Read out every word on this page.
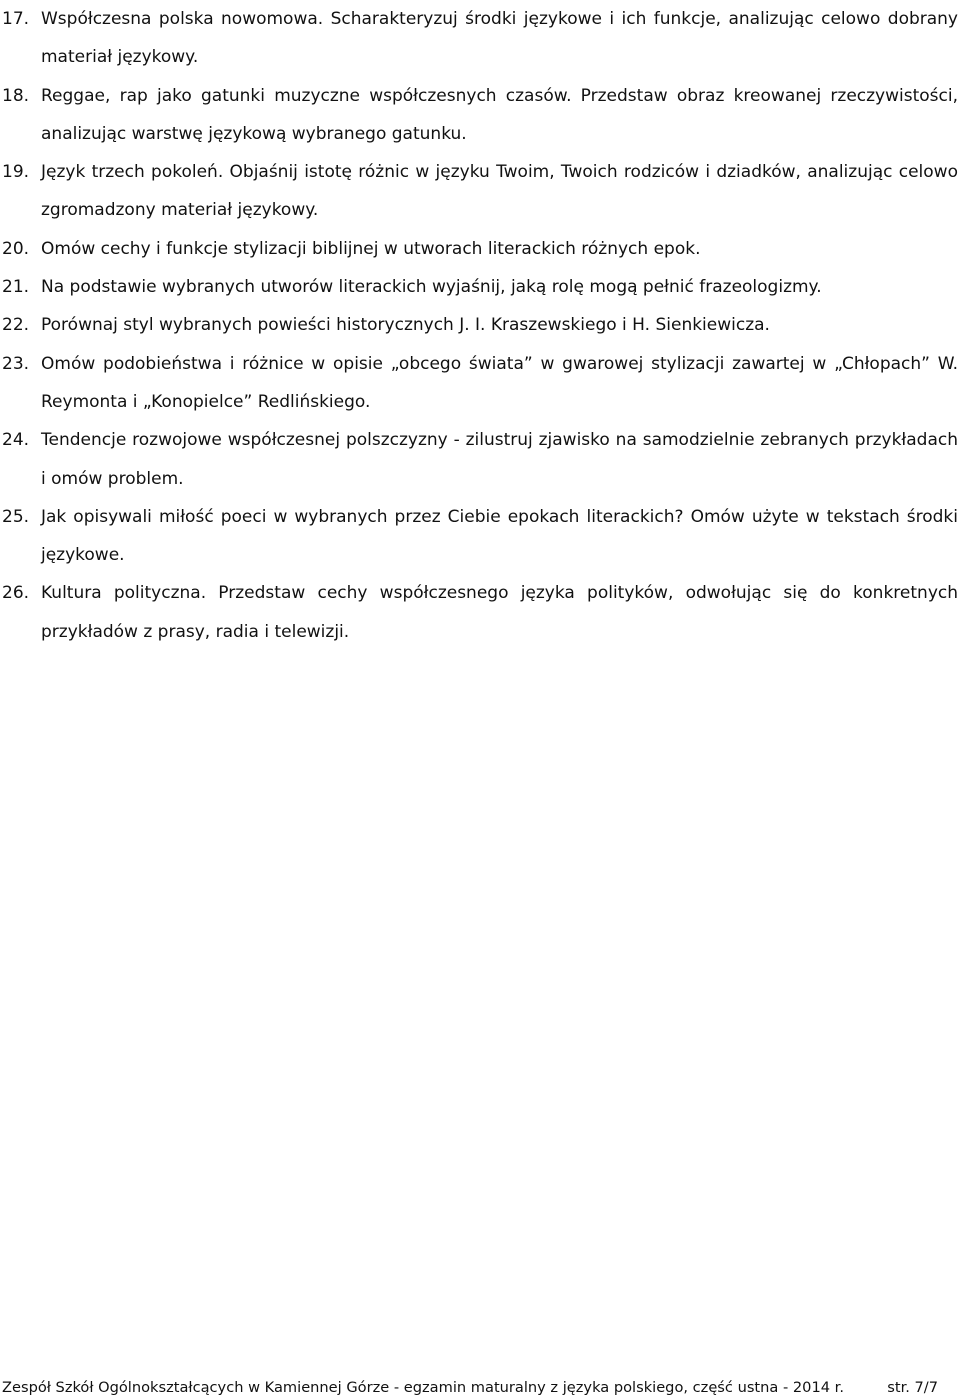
17. Współczesna polska nowomowa. Scharakteryzuj środki językowe i ich funkcje, analizując celowo dobrany materiał językowy.
18. Reggae, rap jako gatunki muzyczne współczesnych czasów. Przedstaw obraz kreowanej rzeczywistości, analizując warstwę językową wybranego gatunku.
19. Język trzech pokoleń. Objaśnij istotę różnic w języku Twoim, Twoich rodziców i dziadków, analizując celowo zgromadzony materiał językowy.
20. Omów cechy i funkcje stylizacji biblijnej w utworach literackich różnych epok.
21. Na podstawie wybranych utworów literackich wyjaśnij, jaką rolę mogą pełnić frazeologizmy.
22. Porównaj styl wybranych powieści historycznych J. I. Kraszewskiego i H. Sienkiewicza.
23. Omów podobieństwa i różnice w opisie „obcego świata” w gwarowej stylizacji zawartej w „Chłopach” W. Reymonta i „Konopielce” Redlińskiego.
24. Tendencje rozwojowe współczesnej polszczyzny - zilustruj zjawisko na samodzielnie zebranych przykładach i omów problem.
25. Jak opisywali miłość poeci w wybranych przez Ciebie epokach literackich? Omów użyte w tekstach środki językowe.
26. Kultura polityczna. Przedstaw cechy współczesnego języka polityków, odwołując się do konkretnych przykładów z prasy, radia i telewizji.
Zespół Szkół Ogólnokształcących w Kamiennej Górze - egzamin maturalny z języka polskiego, część ustna - 2014 r.	str. 7/7
